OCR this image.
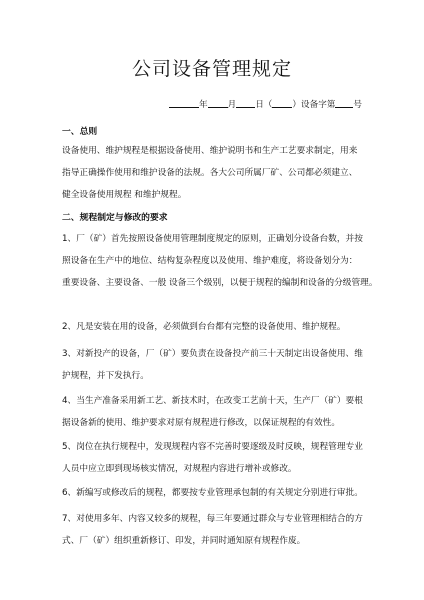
公司设备管理规定
年 月 日（ ）设备字第 号
一、总则
设备使用、维护规程是根据设备使用、维护说明书和生产工艺要求制定，用来
指导正确操作使用和维护设备的法规。各大公司所属厂矿、公司都必须建立、
健全设备使用规程 和维护规程。
二、规程制定与修改的要求
1、厂（矿）首先按照设备使用管理制度规定的原则，正确划分设备台数，并按
照设备在生产中的地位、结构复杂程度以及使用、维护难度，将设备划分为：
重要设备、主要设备、一般 设备三个级别，以便于规程的编制和设备的分级管理。
2、凡是安装在用的设备，必须做到台台都有完整的设备使用、维护规程。
3、对新投产的设备，厂（矿）要负责在设备投产前三十天制定出设备使用、维
护规程，并下发执行。
4、当生产准备采用新工艺、新技术时，在改变工艺前十天，生产厂（矿）要根
据设备新的使用、维护要求对原有规程进行修改，以保证规程的有效性。
5、岗位在执行规程中，发现规程内容不完善时要逐级及时反映，规程管理专业
人员中应立即到现场核实情况，对规程内容进行增补或修改。
6、新编写或修改后的规程，都要按专业管理承包制的有关规定分别进行审批。
7、对使用多年、内容又较多的规程，每三年要通过群众与专业管理相结合的方
式、厂（矿）组织重新修订、印发，并同时通知原有规程作废。
